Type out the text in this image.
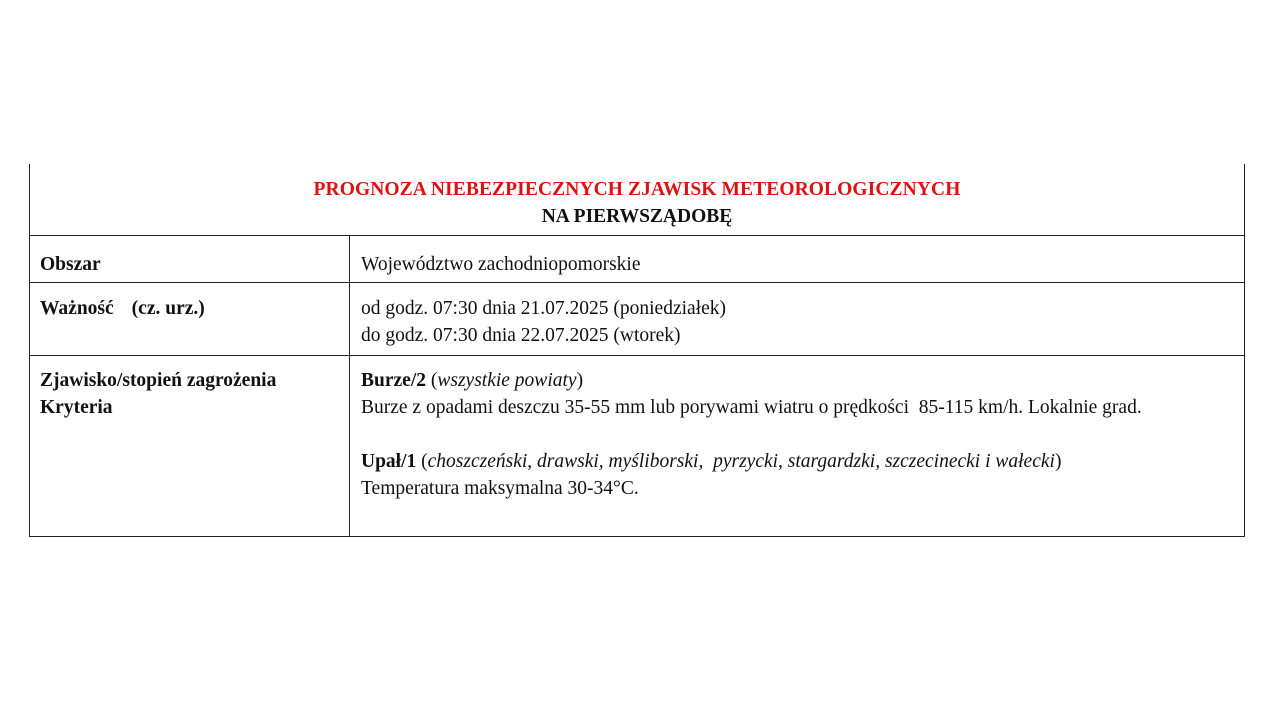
PROGNOZA NIEBEZPIECZNYCH ZJAWISK METEOROLOGICZNYCH
NA PIERWSZĄDOBĘ
Obszar	Województwo zachodniopomorskie
Ważność (cz. urz.)	od godz. 07:30 dnia 21.07.2025 (poniedziałek)
do godz. 07:30 dnia 22.07.2025 (wtorek)
Zjawisko/stopień zagrożenia
Kryteria
Burze/2 (wszystkie powiaty)
Burze z opadami deszczu 35-55 mm lub porywami wiatru o prędkości  85-115 km/h. Lokalnie grad.
Upał/1 (choszczeński, drawski, myśliborski,  pyrzycki, stargardzki, szczecinecki i wałecki)
Temperatura maksymalna 30-34°C.
